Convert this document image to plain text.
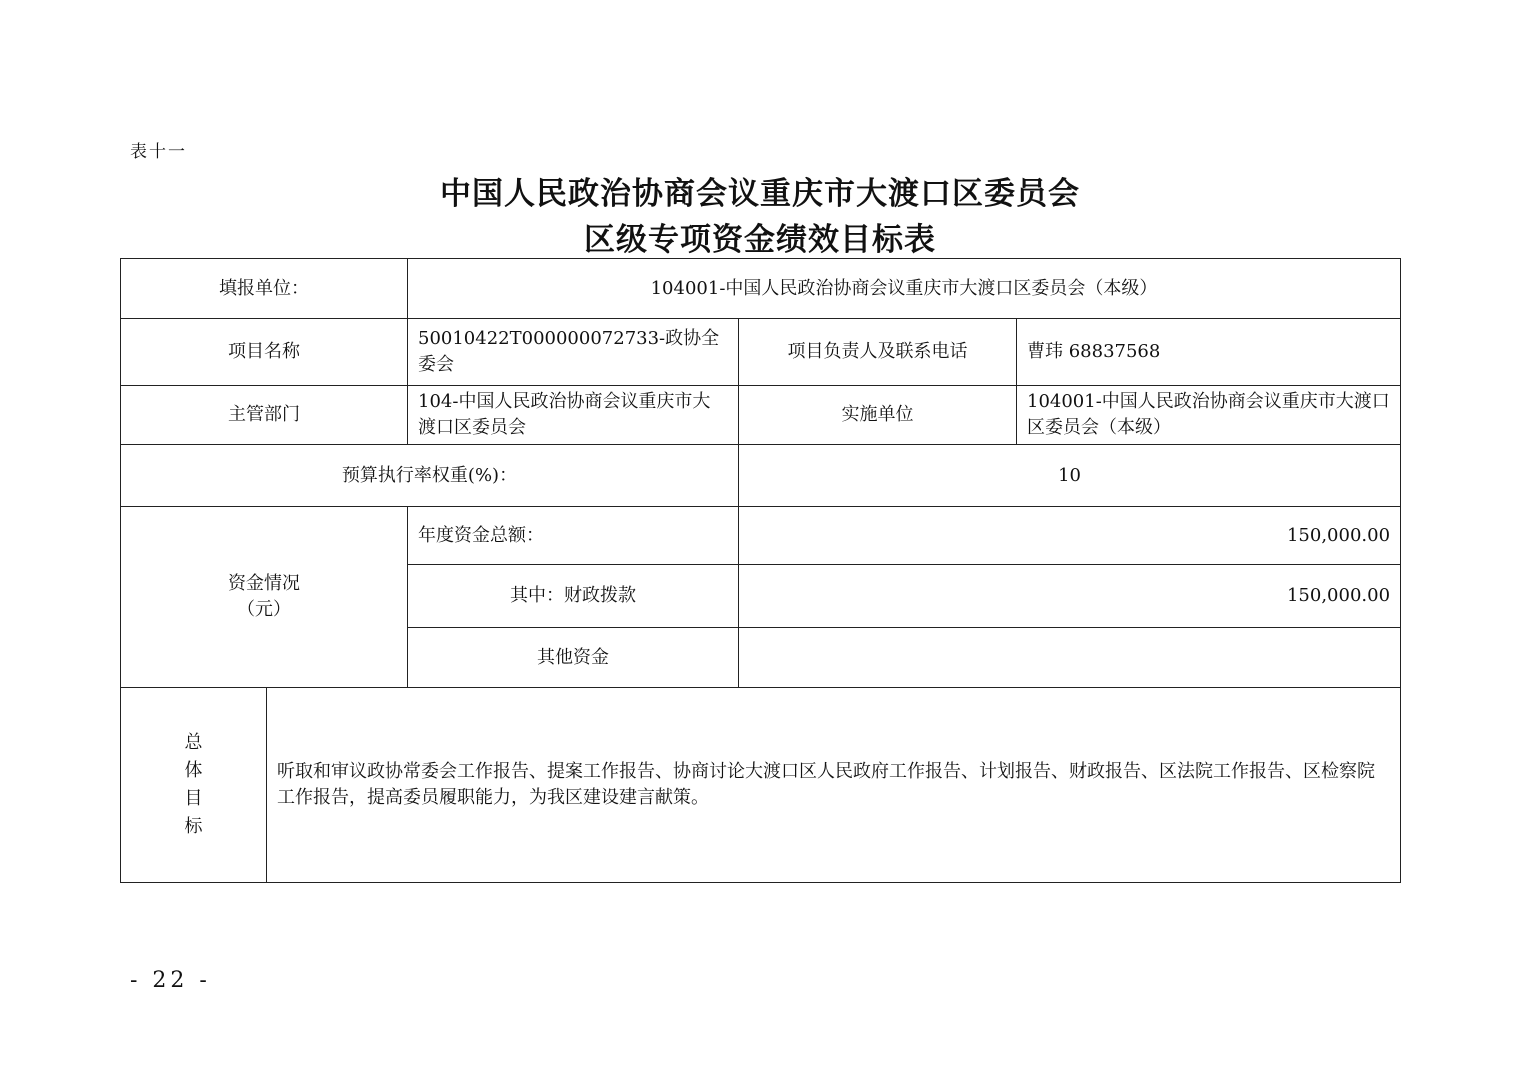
表十一
中国人民政治协商会议重庆市大渡口区委员会
区级专项资金绩效目标表
填报单位：		104001-中国人民政治协商会议重庆市大渡口区委员会（本级）		
项目名称		50010422T000000072733-政协全委会	项目负责人及联系电话	曹玮 68837568
主管部门		104-中国人民政治协商会议重庆市大渡口区委员会	实施单位	104001-中国人民政治协商会议重庆市大渡口区委员会（本级）
预算执行率权重(%)：			10	

资金情况
（元）		年度资金总额：	150,000.00	
		其中：财政拨款	150,000.00	
		其他资金		

总体目标	听取和审议政协常委会工作报告、提案工作报告、协商讨论大渡口区人民政府工作报告、计划报告、财政报告、区法院工作报告、区检察院工作报告，提高委员履职能力，为我区建设建言献策。			
- 22 -
